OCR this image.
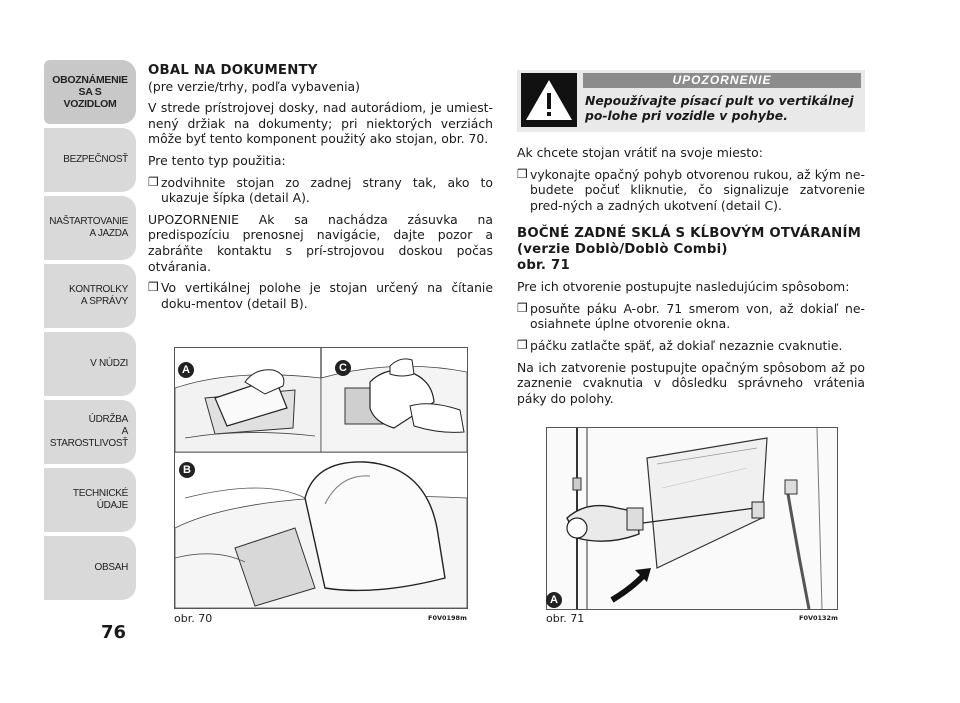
OBOZNÁMENIE
SA S VOZIDLOM
BEZPEČNOSŤ
NAŠTARTOVANIE
A JAZDA
KONTROLKY
A SPRÁVY
V NÚDZI
ÚDRŽBA
A STAROSTLIVOSŤ
TECHNICKÉ
ÚDAJE
OBSAH
76
OBAL NA DOKUMENTY

(pre verzie/trhy, podľa vybavenia)

V strede prístrojovej dosky, nad autorádiom, je umiest-nený držiak na dokumenty; pri niektorých verziách môže byť tento komponent použitý ako stojan, obr. 70.

Pre tento typ použitia:

❒ zodvihnite stojan zo zadnej strany tak, ako to ukazuje šípka (detail A).

UPOZORNENIE Ak sa nachádza zásuvka na predispozíciu prenosnej navigácie, dajte pozor a zabráňte kontaktu s prí-strojovou doskou počas otvárania.

❒ Vo vertikálnej polohe je stojan určený na čítanie doku-mentov (detail B).
A	C
B
obr. 70	F0V0198m
UPOZORNENIE
Nepoužívajte písací pult vo vertikálnej po-lohe pri vozidle v pohybe.

Ak chcete stojan vrátiť na svoje miesto:

❒ vykonajte opačný pohyb otvorenou rukou, až kým ne-budete počuť kliknutie, čo signalizuje zatvorenie pred-ných a zadných ukotvení (detail C).
BOČNÉ ZADNÉ SKLÁ S KĹBOVÝM OTVÁRANÍM (verzie Doblò/Doblò Combi)
obr. 71

Pre ich otvorenie postupujte nasledujúcim spôsobom:

❒ posuňte páku A-obr. 71 smerom von, až dokiaľ ne-osiahnete úplne otvorenie okna.
❒ páčku zatlačte späť, až dokiaľ nezaznie cvaknutie.

Na ich zatvorenie postupujte opačným spôsobom až po zaznenie cvaknutia v dôsledku správneho vrátenia páky do polohy.

A
obr. 71	F0V0132m
